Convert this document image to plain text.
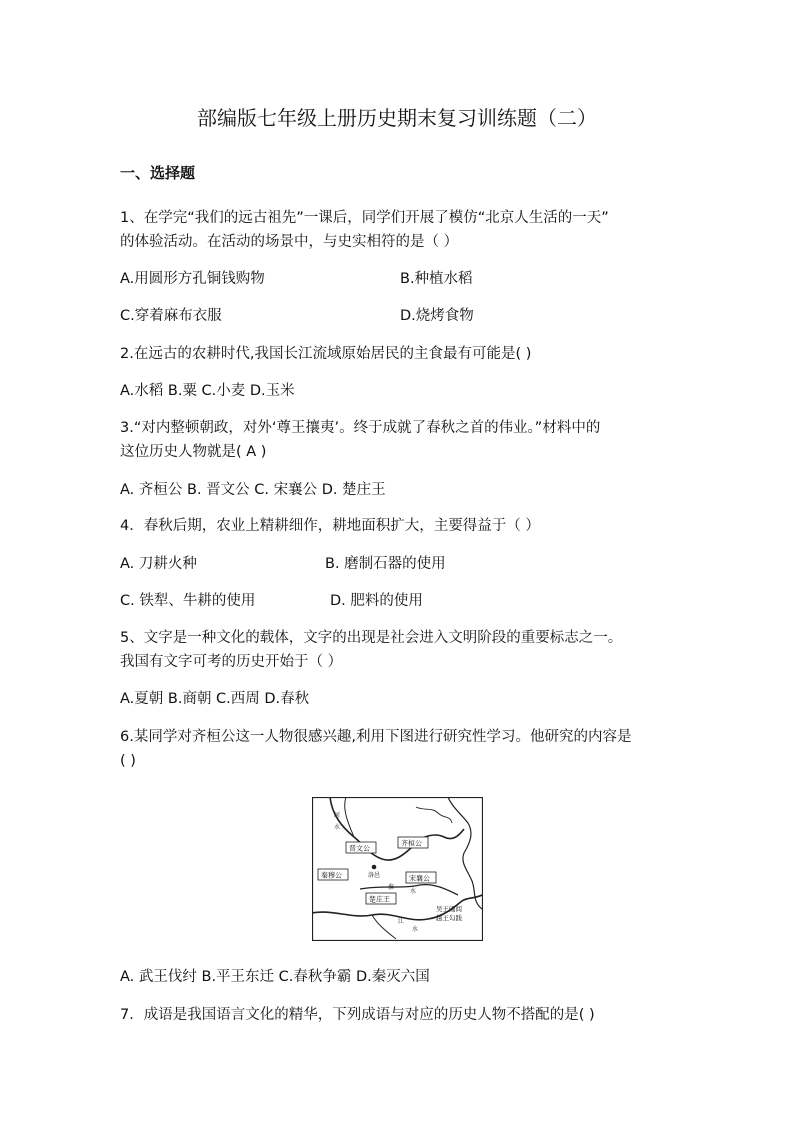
部编版七年级上册历史期末复习训练题（二）
一、选择题
1、在学完“我们的远古祖先”一课后，同学们开展了模仿“北京人生活的一天”
的体验活动。在活动的场景中，与史实相符的是（ ）
A.用圆形方孔铜钱购物	B.种植水稻
C.穿着麻布衣服	D.烧烤食物
2.在远古的农耕时代,我国长江流域原始居民的主食最有可能是( )
A.水稻 B.粟 C.小麦 D.玉米
3.“对内整顿朝政，对外‘尊王攘夷’。终于成就了春秋之首的伟业。”材料中的
这位历史人物就是( A )
A. 齐桓公 B. 晋文公 C. 宋襄公 D. 楚庄王
4．春秋后期，农业上精耕细作，耕地面积扩大，主要得益于（ ）
A. 刀耕火种	B. 磨制石器的使用
C. 铁犁、牛耕的使用	D. 肥料的使用
5、文字是一种文化的载体，文字的出现是社会进入文明阶段的重要标志之一。
我国有文字可考的历史开始于（ ）
A.夏朝 B.商朝 C.西周 D.春秋
6.某同学对齐桓公这一人物很感兴趣,利用下图进行研究性学习。他研究的内容是
( )
晋文公
齐桓公
秦穆公	宋襄公
楚庄王
吴王阖闾
越王勾践
洛邑
河
水
淮
水
江
水
A. 武王伐纣 B.平王东迁 C.春秋争霸 D.秦灭六国
7．成语是我国语言文化的精华，下列成语与对应的历史人物不搭配的是( )
